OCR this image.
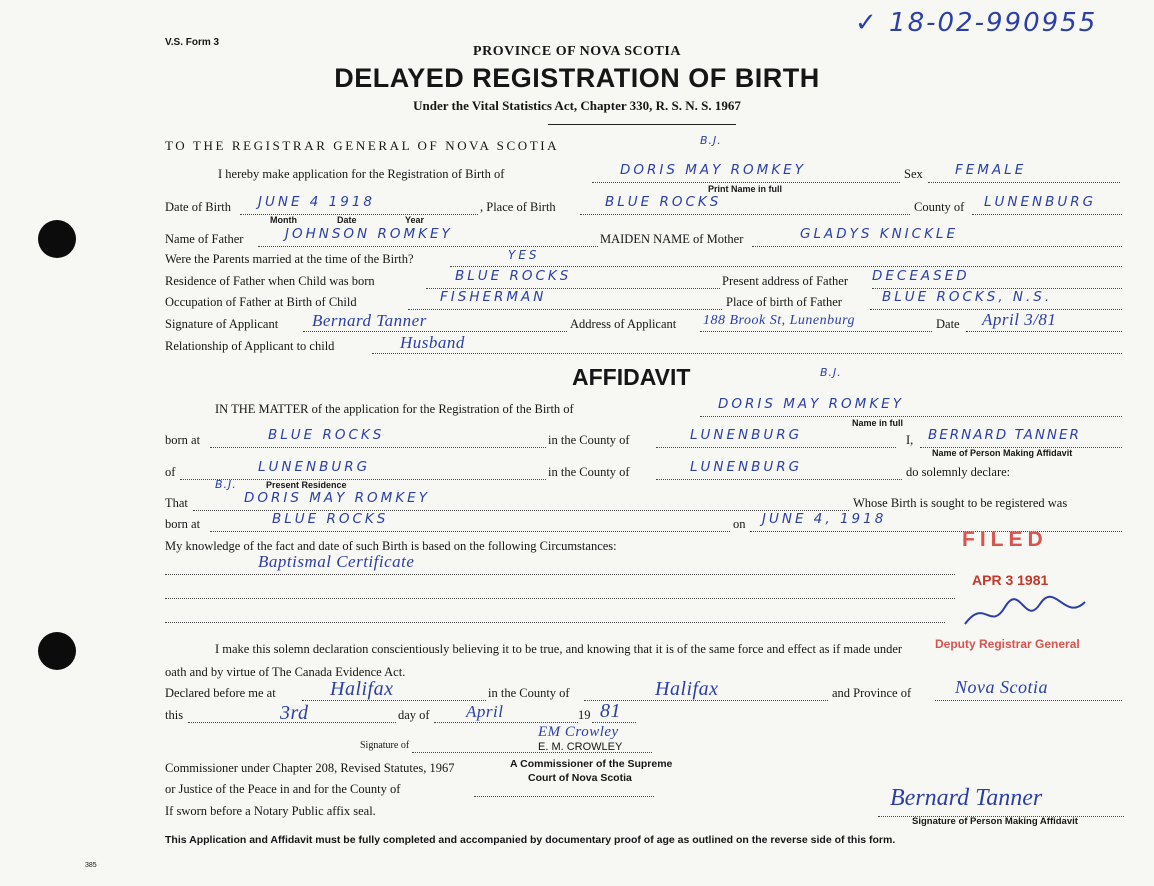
V.S. Form 3
✓ 18-02-990955
PROVINCE OF NOVA SCOTIA
DELAYED REGISTRATION OF BIRTH
Under the Vital Statistics Act, Chapter 330, R. S. N. S. 1967
TO THE REGISTRAR GENERAL OF NOVA SCOTIA	B.J.
I hereby make application for the Registration of Birth of	DORIS MAY ROMKEY	Sex FEMALE
Print Name in full
Date of Birth JUNE 4 1918
Month	Date	Year
, Place of Birth	BLUE ROCKS	County of LUNENBURG
Name of Father	JOHNSON ROMKEY	MAIDEN NAME of Mother	GLADYS KNICKLE
Were the Parents married at the time of the Birth?	YES
Residence of Father when Child was born	BLUE ROCKS	Present address of Father DECEASED
Occupation of Father at Birth of Child	FISHERMAN	Place of birth of Father	BLUE ROCKS, N.S.
Signature of Applicant Bernard Tanner	Address of Applicant 188 Brook St, Lunenburg	Date April 3/81
Relationship of Applicant to child	Husband
AFFIDAVIT	B.J.
IN THE MATTER of the application for the Registration of the Birth of	DORIS MAY ROMKEY
Name in full
born at	BLUE ROCKS	in the County of	LUNENBURG	I, BERNARD TANNER
Name of Person Making Affidavit
of	LUNENBURG	in the County of	LUNENBURG	do solemnly declare:
B.J.	Present Residence
That	DORIS MAY ROMKEY	Whose Birth is sought to be registered was
born at	BLUE ROCKS	on JUNE 4, 1918
My knowledge of the fact and date of such Birth is based on the following Circumstances:
Baptismal Certificate
FILED
APR 3 1981
Deputy Registrar General
I make this solemn declaration conscientiously believing it to be true, and knowing that it is of the same force and effect as if made under
oath and by virtue of The Canada Evidence Act.
Declared before me at	Halifax	in the County of	Halifax	and Province of Nova Scotia
this	3rd	day of April	19 81
Signature of
EM Crowley
E. M. CROWLEY
A Commissioner of the Supreme
Court of Nova Scotia
Commissioner under Chapter 208, Revised Statutes, 1967
or Justice of the Peace in and for the County of
If sworn before a Notary Public affix seal.	Bernard Tanner
Signature of Person Making Affidavit
This Application and Affidavit must be fully completed and accompanied by documentary proof of age as outlined on the reverse side of this form.
385
